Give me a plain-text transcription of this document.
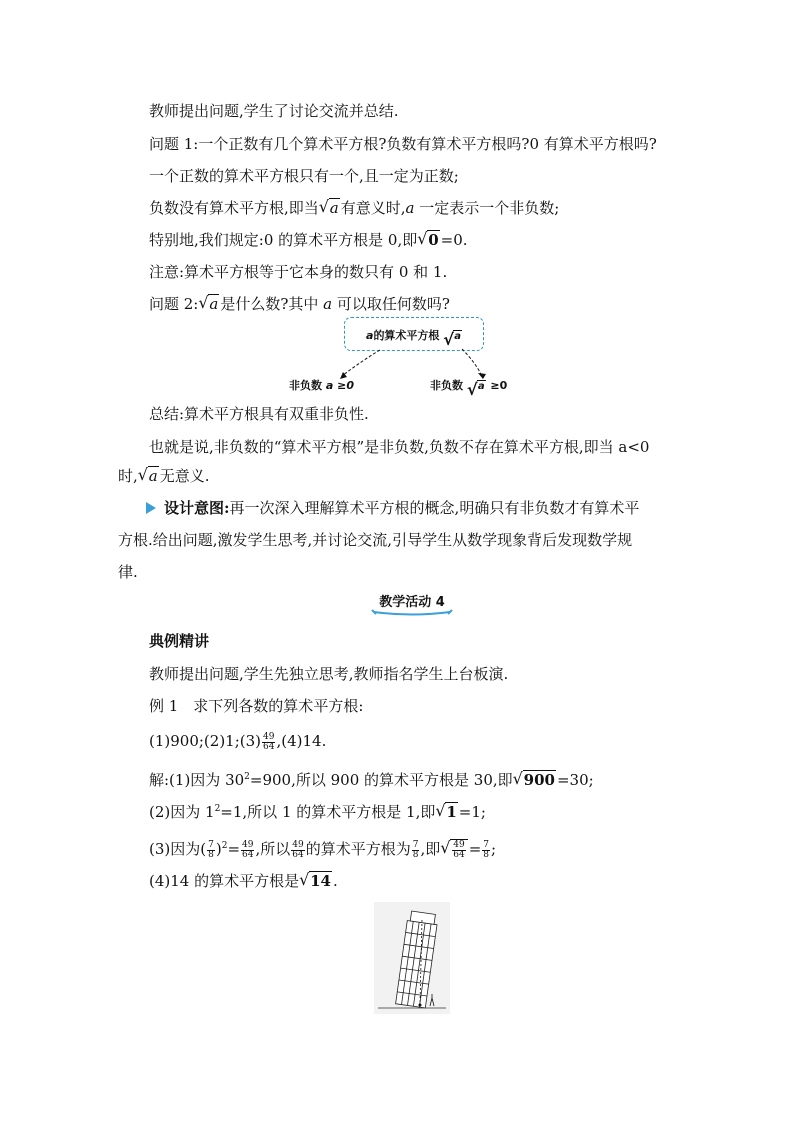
教师提出问题,学生了讨论交流并总结.
问题 1:一个正数有几个算术平方根?负数有算术平方根吗?0 有算术平方根吗?
一个正数的算术平方根只有一个,且一定为正数;
负数没有算术平方根,即当 √ a 有意义时,a 一定表示一个非负数;
特别地,我们规定:0 的算术平方根是 0,即 √ 0 =0.
注意:算术平方根等于它本身的数只有 0 和 1.
问题 2: √ a 是什么数?其中 a 可以取任何数吗?
a的算术平方根 √ a
非负数 a ≥0	非负数 √ a ≥0
总结:算术平方根具有双重非负性.
也就是说,非负数的“算术平方根”是非负数,负数不存在算术平方根,即当 a<0
时, √ a 无意义.
设计意图:再一次深入理解算术平方根的概念,明确只有非负数才有算术平
方根.给出问题,激发学生思考,并讨论交流,引导学生从数学现象背后发现数学规
律.
教学活动 4
典例精讲
教师提出问题,学生先独立思考,教师指名学生上台板演.
例 1　求下列各数的算术平方根:
(1)900;(2)1;(3) $\frac{49}{64} ,(4)14$.
解:(1)因为 $30^2=900$,所以 900 的算术平方根是 30,即 √ 900 =30;
(2)因为 $1^2=1$,所以 1 的算术平方根是 1,即 √ 1 =1;
(3)因为( $\frac{7}{8} )^2= \frac{49}{64}$ ,所以 $\frac{49}{64}$ 的算术平方根为 $\frac{7}{8}$ ,即 √ $\frac{49}{64} = \frac{7}{8}$ ;
(4)14 的算术平方根是 √ 14 .
